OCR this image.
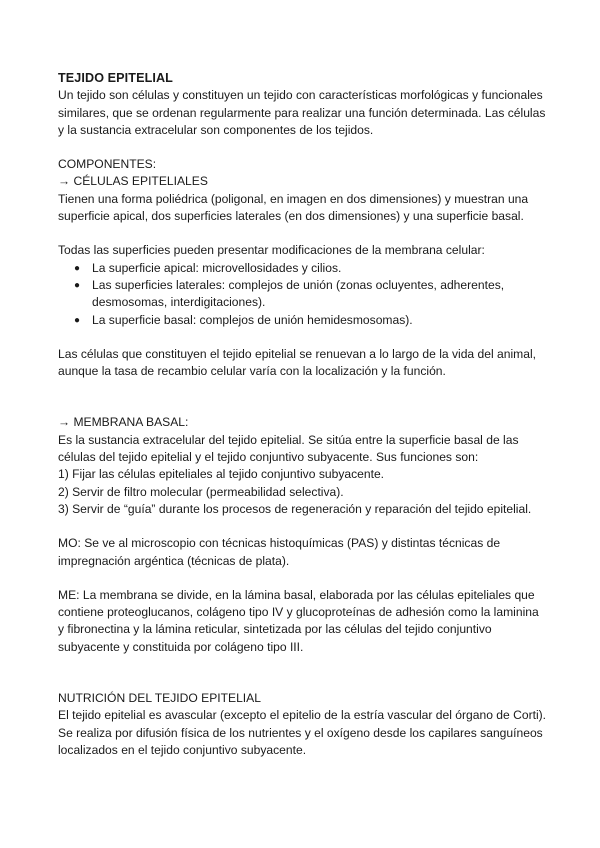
TEJIDO EPITELIAL

Un tejido son células y constituyen un tejido con características morfológicas y funcionales similares, que se ordenan regularmente para realizar una función determinada. Las células y la sustancia extracelular son componentes de los tejidos.

COMPONENTES:

→ CÉLULAS EPITELIALES

Tienen una forma poliédrica (poligonal, en imagen en dos dimensiones) y muestran una superficie apical, dos superficies laterales (en dos dimensiones) y una superficie basal.

Todas las superficies pueden presentar modificaciones de la membrana celular:

● La superficie apical: microvellosidades y cilios.
● Las superficies laterales: complejos de unión (zonas ocluyentes, adherentes, desmosomas, interdigitaciones).
● La superficie basal: complejos de unión hemidesmosomas).

Las células que constituyen el tejido epitelial se renuevan a lo largo de la vida del animal, aunque la tasa de recambio celular varía con la localización y la función.

→ MEMBRANA BASAL:

Es la sustancia extracelular del tejido epitelial. Se sitúa entre la superficie basal de las células del tejido epitelial y el tejido conjuntivo subyacente. Sus funciones son:

1) Fijar las células epiteliales al tejido conjuntivo subyacente.
2) Servir de filtro molecular (permeabilidad selectiva).
3) Servir de “guía” durante los procesos de regeneración y reparación del tejido epitelial.

MO: Se ve al microscopio con técnicas histoquímicas (PAS) y distintas técnicas de impregnación argéntica (técnicas de plata).

ME: La membrana se divide, en la lámina basal, elaborada por las células epiteliales que contiene proteoglucanos, colágeno tipo IV y glucoproteínas de adhesión como la laminina y fibronectina y la lámina reticular, sintetizada por las células del tejido conjuntivo subyacente y constituida por colágeno tipo III.

NUTRICIÓN DEL TEJIDO EPITELIAL

El tejido epitelial es avascular (excepto el epitelio de la estría vascular del órgano de Corti). Se realiza por difusión física de los nutrientes y el oxígeno desde los capilares sanguíneos localizados en el tejido conjuntivo subyacente.
